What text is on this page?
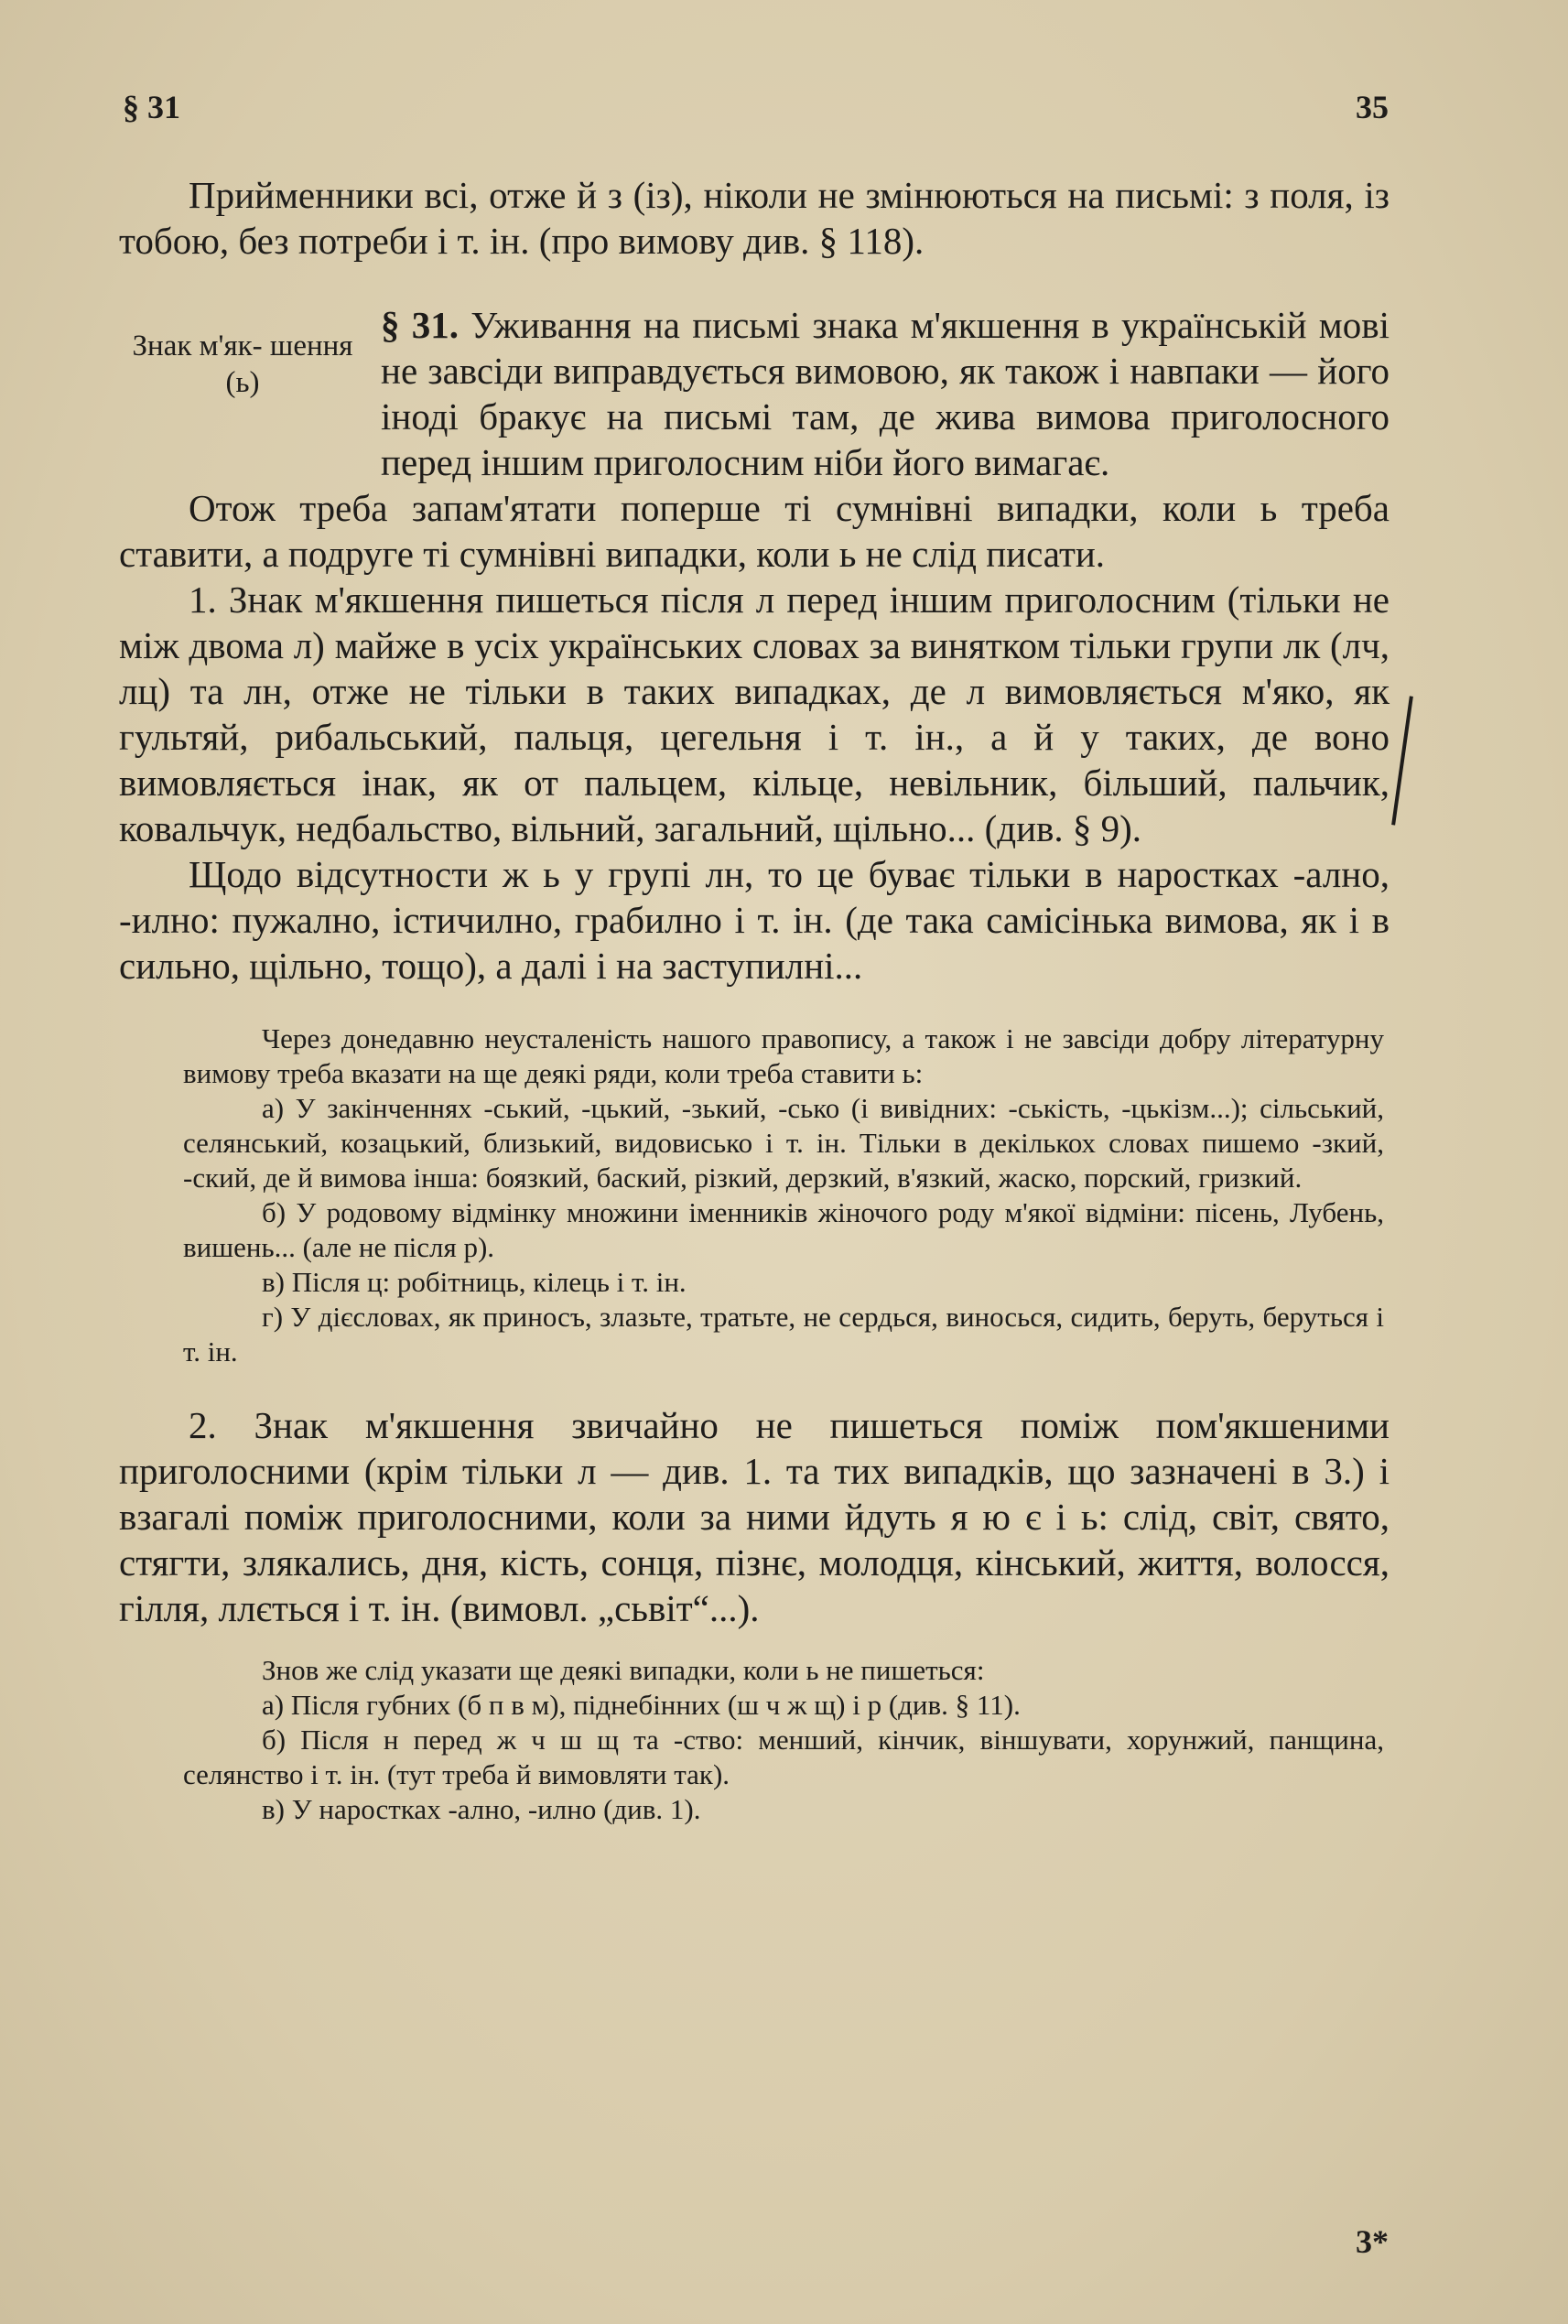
§ 31	35

Прийменники всі, отже й з (із), ніколи не змінюються на письмі: з поля, із тобою, без потреби і т. ін. (про вимову див. § 118).

Знак м'як- шення (ь)

§ 31. Уживання на письмі знака м'якшення в українській мові не завсіди виправдується вимовою, як також і навпаки — його іноді бракує на письмі там, де жива вимова приголосного перед іншим приголосним ніби його вимагає.

Отож треба запам'ятати поперше ті сумнівні випадки, коли ь треба ставити, а подруге ті сумнівні випадки, коли ь не слід писати.

1. Знак м'якшення пишеться після л перед іншим приголосним (тільки не між двома л) майже в усіх українських словах за винятком тільки групи лк (лч, лц) та лн, отже не тільки в таких випадках, де л вимовляється м'яко, як гультяй, рибальський, пальця, цегельня і т. ін., а й у таких, де воно вимовляється інак, як от пальцем, кільце, невільник, більший, пальчик, ковальчук, недбальство, вільний, загальний, щільно... (див. § 9).

Щодо відсутности ж ь у групі лн, то це буває тільки в наростках -ално, -илно: пужално, істичилно, грабилно і т. ін. (де така самісінька вимова, як і в сильно, щільно, тощо), а далі і на заступилні...

Через донедавню неусталеність нашого правопису, а також і не завсіди добру літературну вимову треба вказати на ще деякі ряди, коли треба ставити ь:

а) У закінченнях -ський, -цький, -зький, -сько (і вивідних: -ськість, -цькізм...); сільський, селянський, козацький, близький, видовисько і т. ін. Тільки в декількох словах пишемо -зкий, -ский, де й вимова інша: боязкий, баский, різкий, дерзкий, в'язкий, жаско, порский, гризкий.

б) У родовому відмінку множини іменників жіночого роду м'якої відміни: пісень, Лубень, вишень... (але не після р).

в) Після ц: робітниць, кілець і т. ін.

г) У дієсловах, як приносъ, злазьте, тратьте, не сердься, виносься, сидить, беруть, беруться і т. ін.

2. Знак м'якшення звичайно не пишеться поміж пом'якшеними приголосними (крім тільки л — див. 1. та тих випадків, що зазначені в 3.) і взагалі поміж приголосними, коли за ними йдуть я ю є і ь: слід, світ, свято, стягти, злякались, дня, кість, сонця, пізнє, молодця, кінський, життя, волосся, гілля, ллється і т. ін. (вимовл. „сьвіт“...).

Знов же слід указати ще деякі випадки, коли ь не пишеться:

а) Після губних (б п в м), піднебінних (ш ч ж щ) і р (див. § 11).

б) Після н перед ж ч ш щ та -ство: менший, кінчик, віншувати, хорунжий, панщина, селянство і т. ін. (тут треба й вимовляти так).

в) У наростках -ално, -илно (див. 1).

3*
